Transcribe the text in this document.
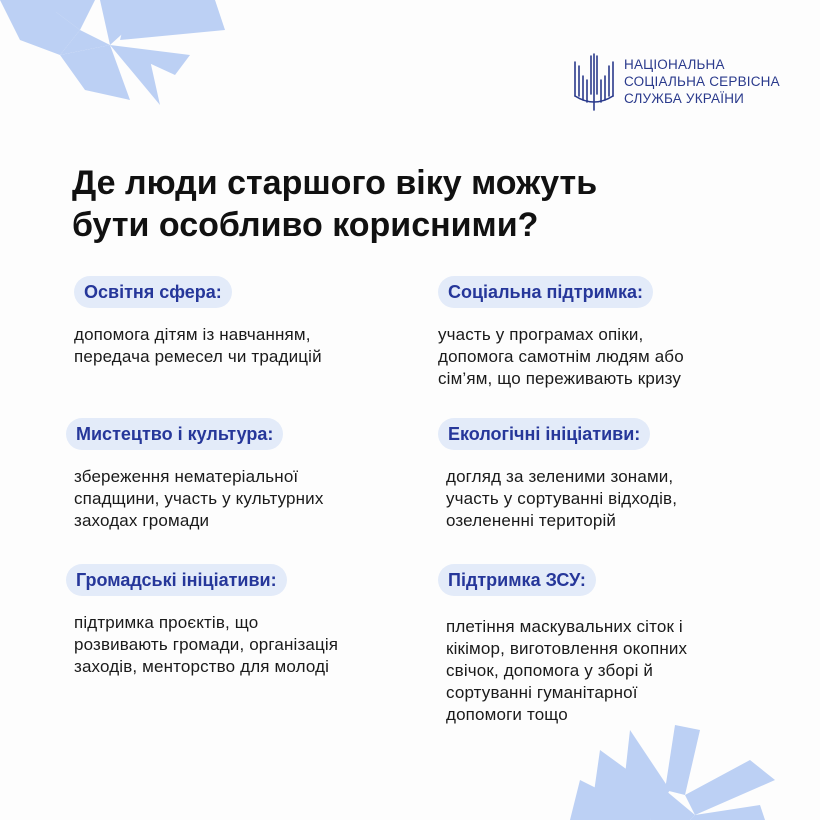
НАЦІОНАЛЬНА
СОЦІАЛЬНА СЕРВІСНА
СЛУЖБА УКРАЇНИ
Де люди старшого віку можуть
бути особливо корисними?
Освітня сфера:
допомога дітям із навчанням,
передача ремесел чи традицій
Соціальна підтримка:
участь у програмах опіки,
допомога самотнім людям або
сім’ям, що переживають кризу
Мистецтво і культура:
збереження нематеріальної
спадщини, участь у культурних
заходах громади
Екологічні ініціативи:
догляд за зеленими зонами,
участь у сортуванні відходів,
озелененні територій
Громадські ініціативи:
підтримка проєктів, що
розвивають громади, організація
заходів, менторство для молоді
Підтримка ЗСУ:
плетіння маскувальних сіток і
кікімор, виготовлення окопних
свічок, допомога у зборі й
сортуванні гуманітарної
допомоги тощо
